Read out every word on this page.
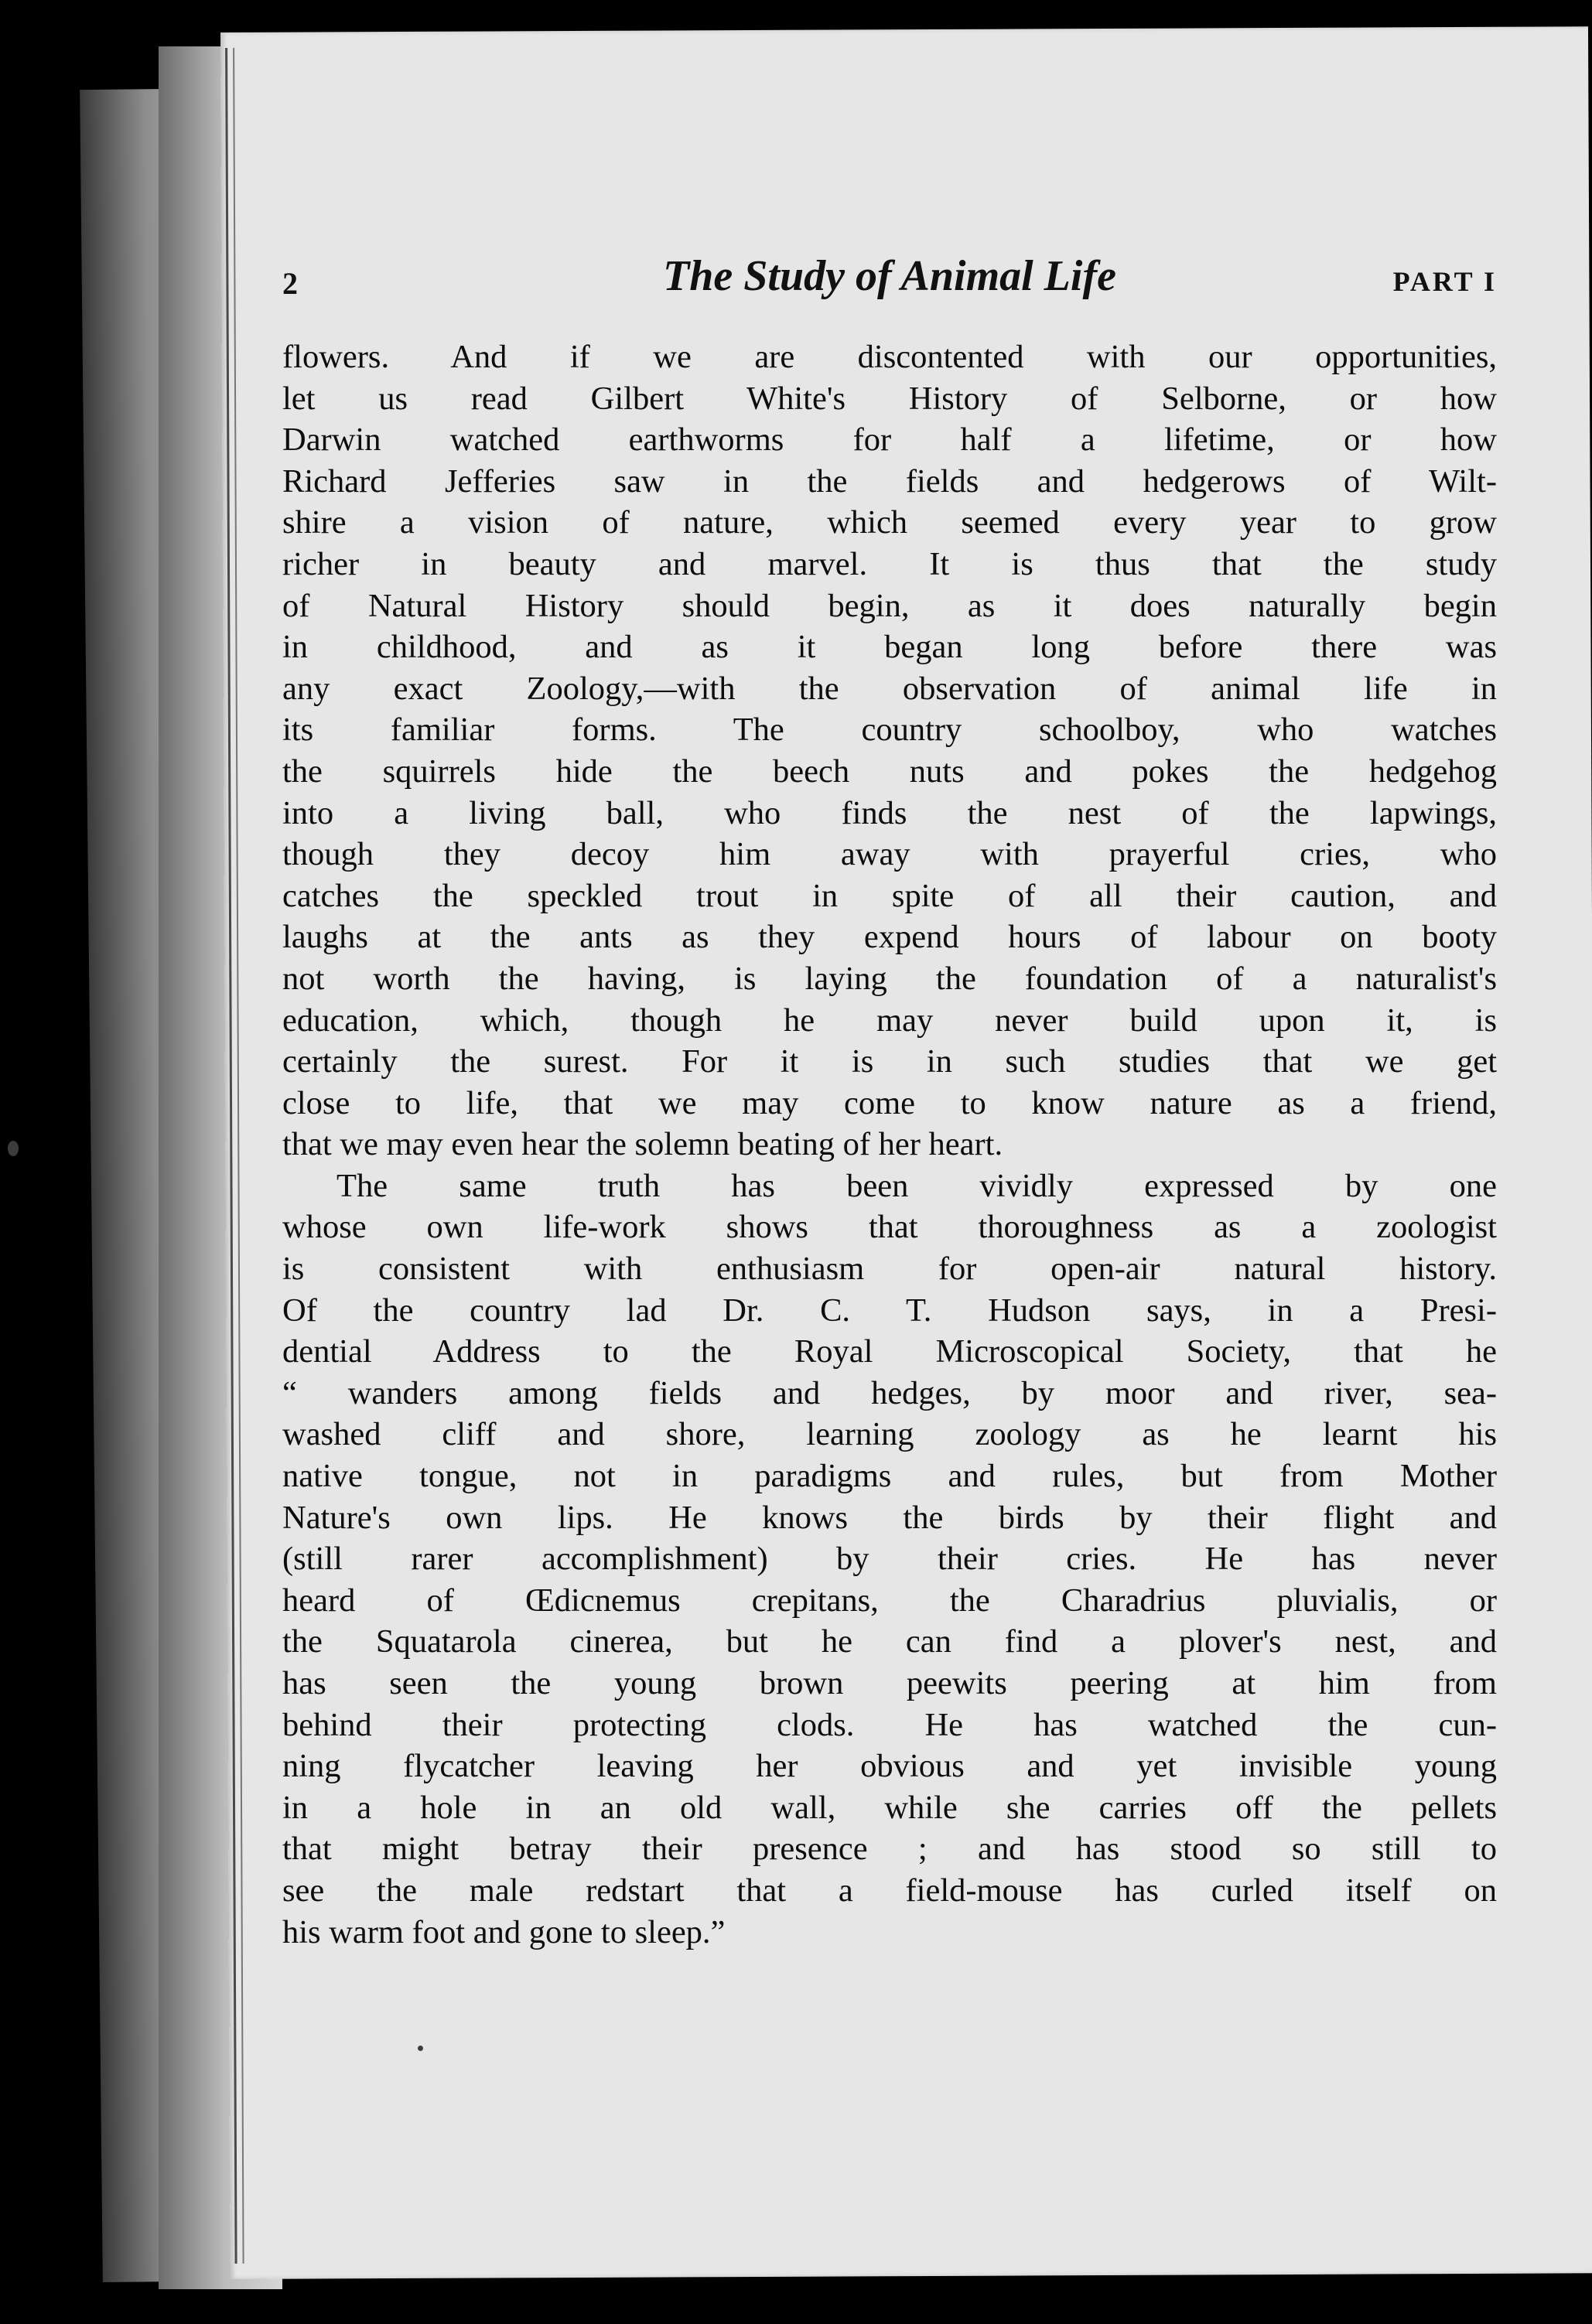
2	The Study of Animal Life	PART I

flowers. And if we are discontented with our opportunities,
let us read Gilbert White's History of Selborne, or how
Darwin watched earthworms for half a lifetime, or how
Richard Jefferies saw in the fields and hedgerows of Wilt-
shire a vision of nature, which seemed every year to grow
richer in beauty and marvel. It is thus that the study
of Natural History should begin, as it does naturally begin
in childhood, and as it began long before there was
any exact Zoology,—with the observation of animal life in
its familiar forms. The country schoolboy, who watches
the squirrels hide the beech nuts and pokes the hedgehog
into a living ball, who finds the nest of the lapwings,
though they decoy him away with prayerful cries, who
catches the speckled trout in spite of all their caution, and
laughs at the ants as they expend hours of labour on booty
not worth the having, is laying the foundation of a naturalist's
education, which, though he may never build upon it, is
certainly the surest. For it is in such studies that we get
close to life, that we may come to know nature as a friend,
that we may even hear the solemn beating of her heart.

The same truth has been vividly expressed by one
whose own life-work shows that thoroughness as a zoologist
is consistent with enthusiasm for open-air natural history.
Of the country lad Dr. C. T. Hudson says, in a Presi-
dential Address to the Royal Microscopical Society, that he
“ wanders among fields and hedges, by moor and river, sea-
washed cliff and shore, learning zoology as he learnt his
native tongue, not in paradigms and rules, but from Mother
Nature's own lips. He knows the birds by their flight and
(still rarer accomplishment) by their cries. He has never
heard of Œdicnemus crepitans, the Charadrius pluvialis, or
the Squatarola cinerea, but he can find a plover's nest, and
has seen the young brown peewits peering at him from
behind their protecting clods. He has watched the cun-
ning flycatcher leaving her obvious and yet invisible young
in a hole in an old wall, while she carries off the pellets
that might betray their presence ; and has stood so still to
see the male redstart that a field-mouse has curled itself on
his warm foot and gone to sleep.”
